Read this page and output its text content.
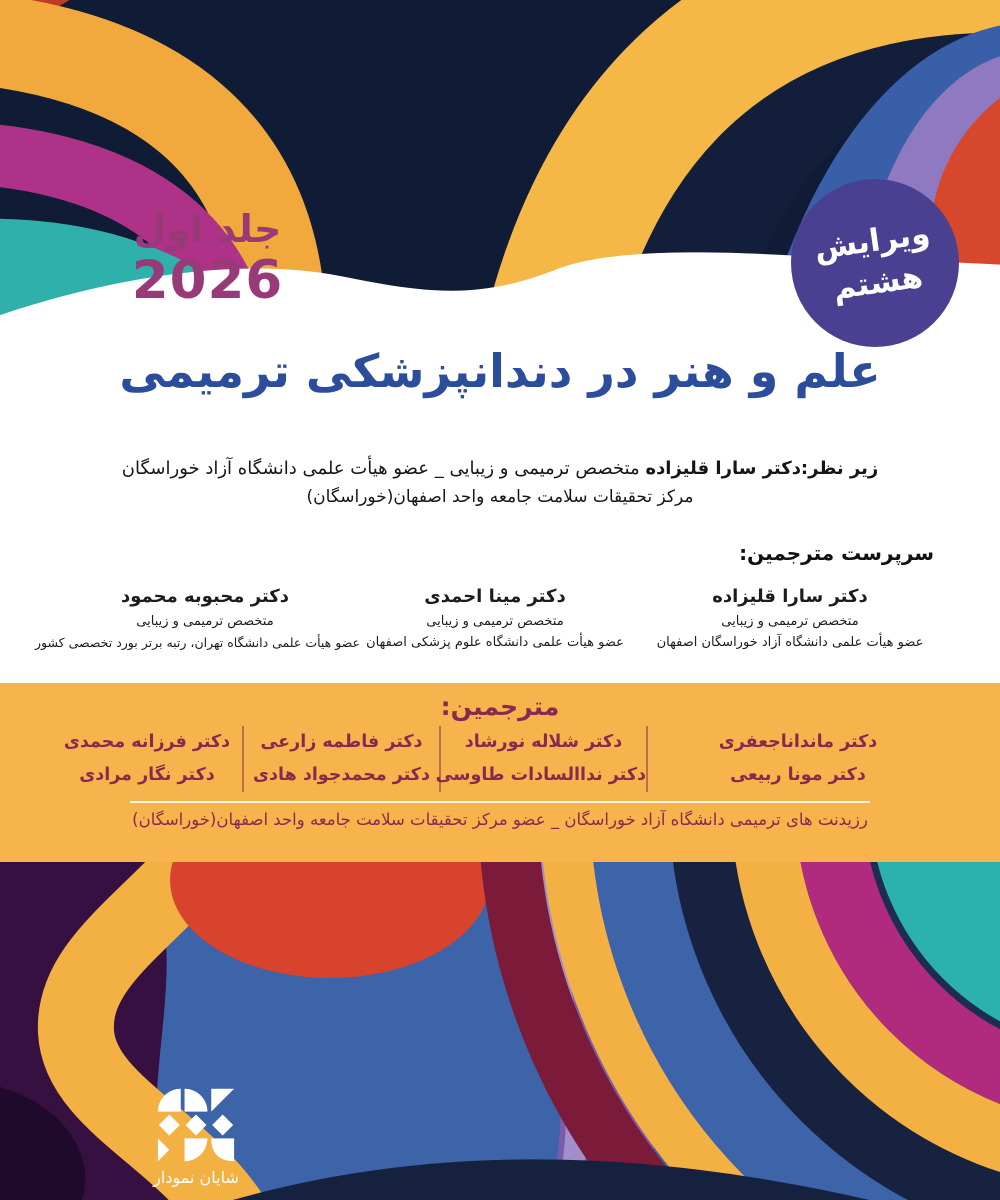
جلد اول
2026
ویرایش
هشتم
علم و هنر در دندانپزشکی ترمیمی
زیر نظر:دکتر سارا قلیزاده متخصص ترمیمی و زیبایی _ عضو هیأت علمی دانشگاه آزاد خوراسگان
مرکز تحقیقات سلامت جامعه واحد اصفهان(خوراسگان)
سرپرست مترجمین:
دکتر سارا قلیزاده
متخصص ترمیمی و زیبایی
عضو هیأت علمی دانشگاه آزاد خوراسگان اصفهان
دکتر مینا احمدی
متخصص ترمیمی و زیبایی
عضو هیأت علمی دانشگاه علوم پزشکی اصفهان
دکتر محبوبه محمود
متخصص ترمیمی و زیبایی
عضو هیأت علمی دانشگاه تهران، رتبه برتر بورد تخصصی کشور
مترجمین:
دکتر ماندانا‌جعفری
دکتر مونا ربیعی
دکتر شلاله نورشاد
دکتر ندا‌السادات طاوسی
دکتر فاطمه زارعی
دکتر محمدجواد هادی
دکتر فرزانه محمدی
دکتر نگار مرادی
رزیدنت های ترمیمی دانشگاه آزاد خوراسگان _ عضو مرکز تحقیقات سلامت جامعه واحد اصفهان(خوراسگان)
شایان نمودار
